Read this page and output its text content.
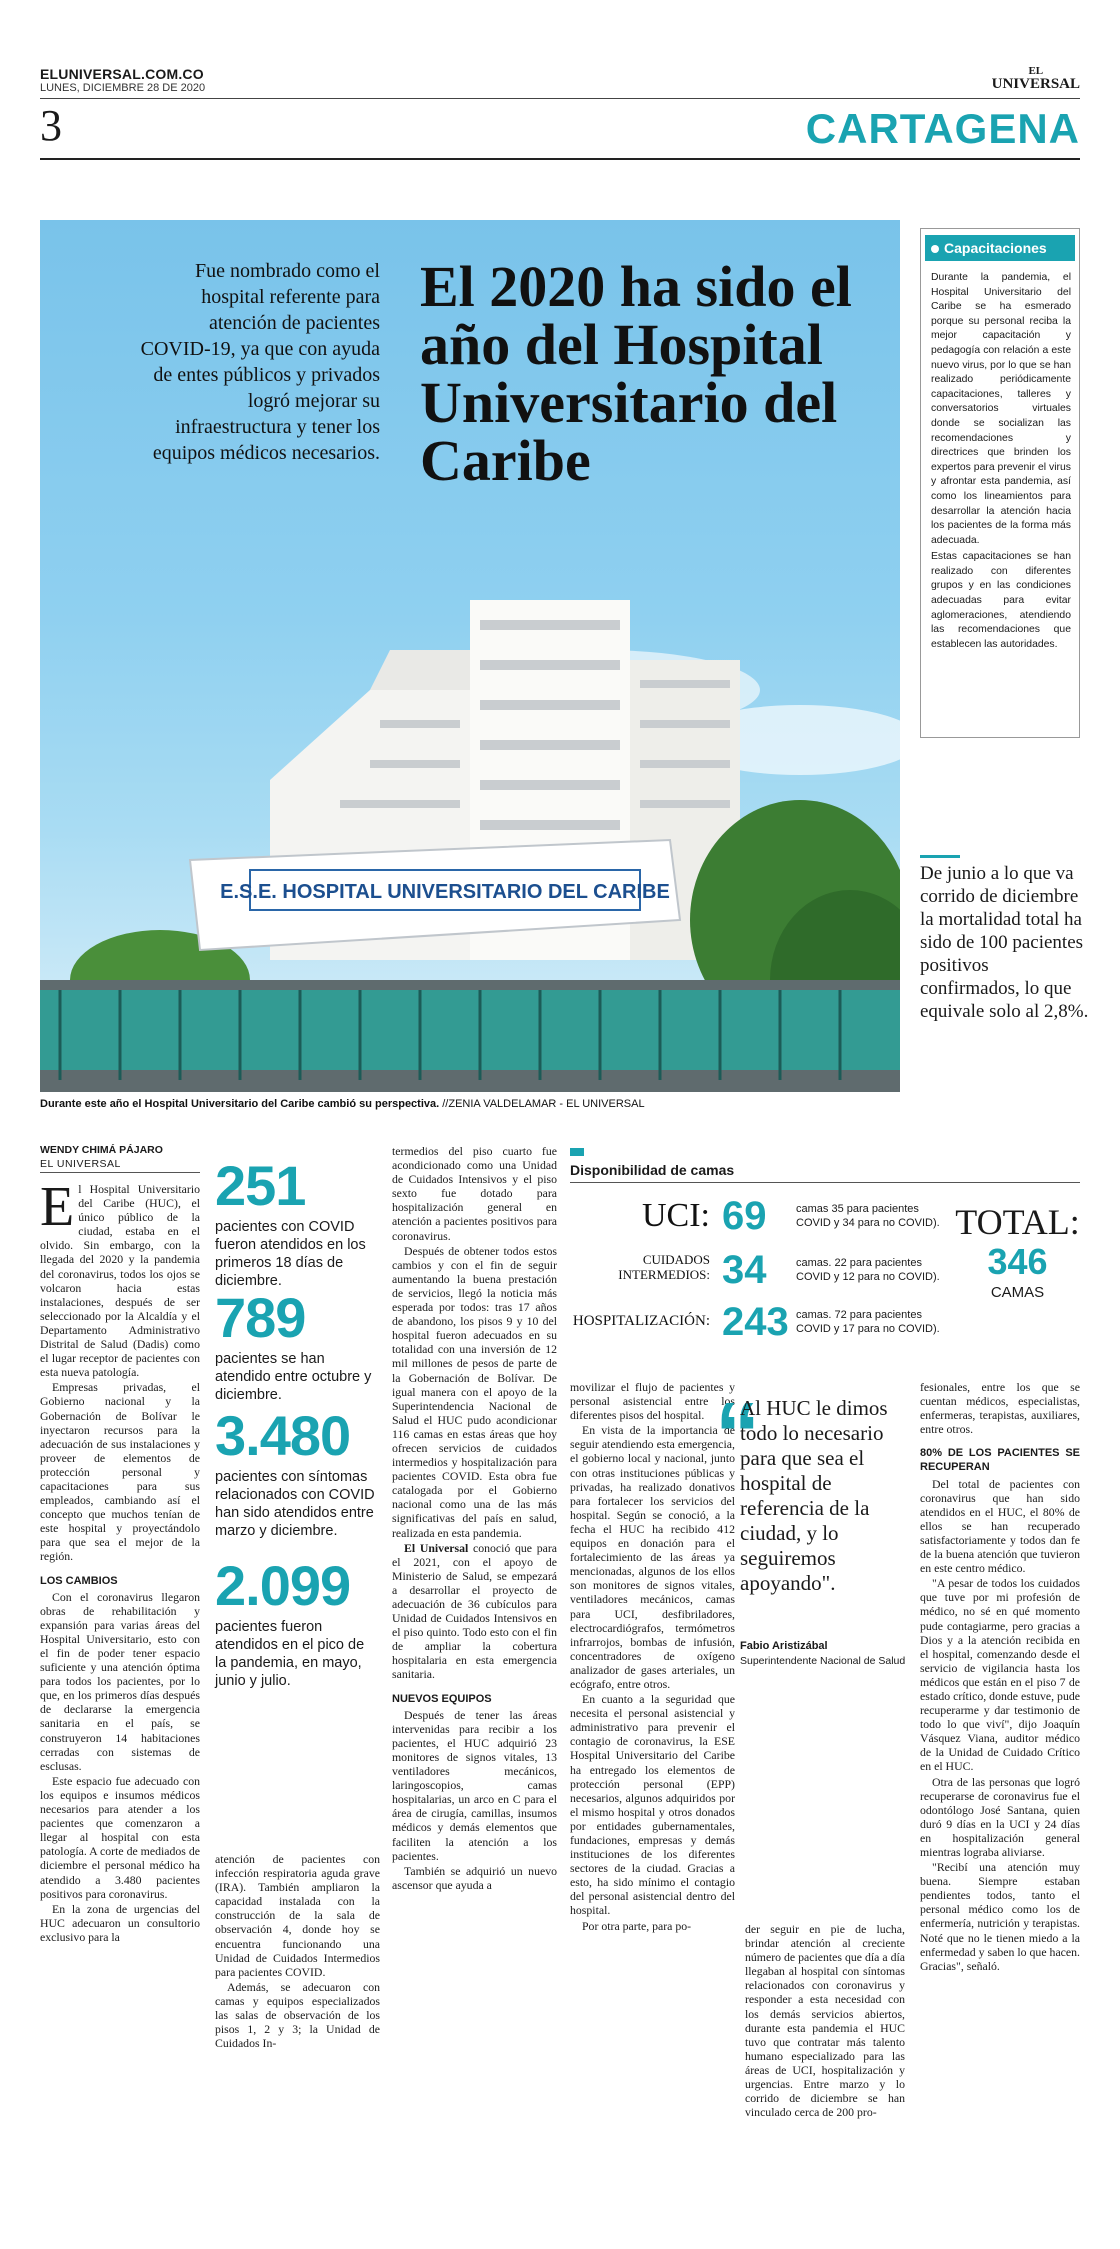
ELUNIVERSAL.COM.CO
LUNES, DICIEMBRE 28 DE 2020
EL
UNIVERSAL
3	CARTAGENA
E.S.E. HOSPITAL UNIVERSITARIO DEL CARIBE
Fue nombrado como el hospital referente para atención de pacientes COVID-19, ya que con ayuda de entes públicos y privados logró mejorar su infraestructura y tener los equipos médicos necesarios.
El 2020 ha sido el año del Hospital Universitario del Caribe
Durante este año el Hospital Universitario del Caribe cambió su perspectiva. //ZENIA VALDELAMAR - EL UNIVERSAL
Capacitaciones

Durante la pandemia, el Hospital Universitario del Caribe se ha esmerado porque su personal reciba la mejor capacitación y pedagogía con relación a este nuevo virus, por lo que se han realizado periódicamente capacitaciones, talleres y conversatorios virtuales donde se socializan las recomendaciones y directrices que brinden los expertos para prevenir el virus y afrontar esta pandemia, así como los lineamientos para desarrollar la atención hacia los pacientes de la forma más adecuada.

Estas capacitaciones se han realizado con diferentes grupos y en las condiciones adecuadas para evitar aglomeraciones, atendiendo las recomendaciones que establecen las autoridades.

De junio a lo que va corrido de diciembre la mortalidad total ha sido de 100 pacientes positivos confirmados, lo que equivale solo al 2,8%.
WENDY CHIMÁ PÁJARO
EL UNIVERSAL

El Hospital Universitario del Caribe (HUC), el único público de la ciudad, estaba en el olvido. Sin embargo, con la llegada del 2020 y la pandemia del coronavirus, todos los ojos se volcaron hacia estas instalaciones, después de ser seleccionado por la Alcaldía y el Departamento Administrativo Distrital de Salud (Dadis) como el lugar receptor de pacientes con esta nueva patología.

Empresas privadas, el Gobierno nacional y la Gobernación de Bolívar le inyectaron recursos para la adecuación de sus instalaciones y proveer de elementos de protección personal y capacitaciones para sus empleados, cambiando así el concepto que muchos tenían de este hospital y proyectándolo para que sea el mejor de la región.

LOS CAMBIOS

Con el coronavirus llegaron obras de rehabilitación y expansión para varias áreas del Hospital Universitario, esto con el fin de poder tener espacio suficiente y una atención óptima para todos los pacientes, por lo que, en los primeros días después de declararse la emergencia sanitaria en el país, se construyeron 14 habitaciones cerradas con sistemas de esclusas.

Este espacio fue adecuado con los equipos e insumos médicos necesarios para atender a los pacientes que comenzaron a llegar al hospital con esta patología. A corte de mediados de diciembre el personal médico ha atendido a 3.480 pacientes positivos para coronavirus.

En la zona de urgencias del HUC adecuaron un consultorio exclusivo para la

251
pacientes con COVID fueron atendidos en los primeros 18 días de diciembre.
789
pacientes se han atendido entre octubre y diciembre.
3.480
pacientes con síntomas relacionados con COVID han sido atendidos entre marzo y diciembre.
2.099
pacientes fueron atendidos en el pico de la pandemia, en mayo, junio y julio.

atención de pacientes con infección respiratoria aguda grave (IRA). También ampliaron la capacidad instalada con la construcción de la sala de observación 4, donde hoy se encuentra funcionando una Unidad de Cuidados Intermedios para pacientes COVID.

Además, se adecuaron con camas y equipos especializados las salas de observación de los pisos 1, 2 y 3; la Unidad de Cuidados In-

termedios del piso cuarto fue acondicionado como una Unidad de Cuidados Intensivos y el piso sexto fue dotado para hospitalización general en atención a pacientes positivos para coronavirus.

Después de obtener todos estos cambios y con el fin de seguir aumentando la buena prestación de servicios, llegó la noticia más esperada por todos: tras 17 años de abandono, los pisos 9 y 10 del hospital fueron adecuados en su totalidad con una inversión de 12 mil millones de pesos de parte de la Gobernación de Bolívar. De igual manera con el apoyo de la Superintendencia Nacional de Salud el HUC pudo acondicionar 116 camas en estas áreas que hoy ofrecen servicios de cuidados intermedios y hospitalización para pacientes COVID. Esta obra fue catalogada por el Gobierno nacional como una de las más significativas del país en salud, realizada en esta pandemia.

El Universal conoció que para el 2021, con el apoyo de Ministerio de Salud, se empezará a desarrollar el proyecto de adecuación de 36 cubículos para Unidad de Cuidados Intensivos en el piso quinto. Todo esto con el fin de ampliar la cobertura hospitalaria en esta emergencia sanitaria.

NUEVOS EQUIPOS

Después de tener las áreas intervenidas para recibir a los pacientes, el HUC adquirió 23 monitores de signos vitales, 13 ventiladores mecánicos, laringoscopios, camas hospitalarias, un arco en C para el área de cirugía, camillas, insumos médicos y demás elementos que faciliten la atención a los pacientes.

También se adquirió un nuevo ascensor que ayuda a

Disponibilidad de camas
UCI: 69	camas 35 para pacientes COVID y 34 para no COVID).
CUIDADOS INTERMEDIOS: 34	camas. 22 para pacientes COVID y 12 para no COVID).
HOSPITALIZACIÓN: 243 camas. 72 para pacientes COVID y 17 para no COVID).
TOTAL:
346
CAMAS

movilizar el flujo de pacientes y personal asistencial entre los diferentes pisos del hospital.

En vista de la importancia de seguir atendiendo esta emergencia, el gobierno local y nacional, junto con otras instituciones públicas y privadas, ha realizado donativos para fortalecer los servicios del hospital. Según se conoció, a la fecha el HUC ha recibido 412 equipos en donación para el fortalecimiento de las áreas ya mencionadas, algunos de los ellos son monitores de signos vitales, ventiladores mecánicos, camas para UCI, desfibriladores, electrocardiógrafos, termómetros infrarrojos, bombas de infusión, concentradores de oxígeno analizador de gases arteriales, un ecógrafo, entre otros.

En cuanto a la seguridad que necesita el personal asistencial y administrativo para prevenir el contagio de coronavirus, la ESE Hospital Universitario del Caribe ha entregado los elementos de protección personal (EPP) necesarios, algunos adquiridos por el mismo hospital y otros donados por entidades gubernamentales, fundaciones, empresas y demás instituciones de los diferentes sectores de la ciudad. Gracias a esto, ha sido mínimo el contagio del personal asistencial dentro del hospital.

Por otra parte, para po-

“
Al HUC le dimos todo lo necesario para que sea el hospital de referencia de la ciudad, y lo seguiremos apoyando".
Fabio Aristizábal
Superintendente Nacional de Salud

der seguir en pie de lucha, brindar atención al creciente número de pacientes que día a día llegaban al hospital con síntomas relacionados con coronavirus y responder a esta necesidad con los demás servicios abiertos, durante esta pandemia el HUC tuvo que contratar más talento humano especializado para las áreas de UCI, hospitalización y urgencias. Entre marzo y lo corrido de diciembre se han vinculado cerca de 200 pro-

fesionales, entre los que se cuentan médicos, especialistas, enfermeras, terapistas, auxiliares, entre otros.

80% DE LOS PACIENTES SE RECUPERAN

Del total de pacientes con coronavirus que han sido atendidos en el HUC, el 80% de ellos se han recuperado satisfactoriamente y todos dan fe de la buena atención que tuvieron en este centro médico.

"A pesar de todos los cuidados que tuve por mi profesión de médico, no sé en qué momento pude contagiarme, pero gracias a Dios y a la atención recibida en el hospital, comenzando desde el servicio de vigilancia hasta los médicos que están en el piso 7 de estado crítico, donde estuve, pude recuperarme y dar testimonio de todo lo que viví", dijo Joaquín Vásquez Viana, auditor médico de la Unidad de Cuidado Crítico en el HUC.

Otra de las personas que logró recuperarse de coronavirus fue el odontólogo José Santana, quien duró 9 días en la UCI y 24 días en hospitalización general mientras lograba aliviarse.

"Recibí una atención muy buena. Siempre estaban pendientes todos, tanto el personal médico como los de enfermería, nutrición y terapistas. Noté que no le tienen miedo a la enfermedad y saben lo que hacen. Gracias", señaló.
